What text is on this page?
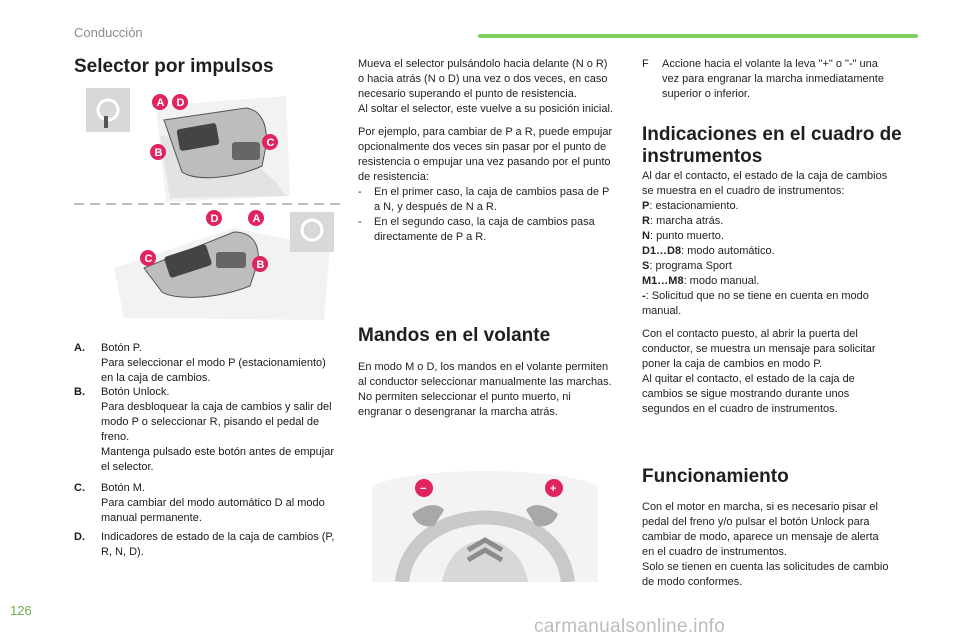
Conducción
Selector por impulsos
A D
B
C
D	A
C	B
A. Botón P.

Para seleccionar el modo P (estacionamiento) en la caja de cambios.

B. Botón Unlock.

Para desbloquear la caja de cambios y salir del modo P o seleccionar R, pisando el pedal de freno.

Mantenga pulsado este botón antes de empujar el selector.

C. Botón M.

Para cambiar del modo automático D al modo manual permanente.

D. Indicadores de estado de la caja de cambios (P, R, N, D).

Mueva el selector pulsándolo hacia delante (N o R) o hacia atrás (N o D) una vez o dos veces, en caso necesario superando el punto de resistencia.

Al soltar el selector, este vuelve a su posición inicial.

Por ejemplo, para cambiar de P a R, puede empujar opcionalmente dos veces sin pasar por el punto de resistencia o empujar una vez pasando por el punto de resistencia:

-	En el primer caso, la caja de cambios pasa de P a N, y después de N a R.
-	En el segundo caso, la caja de cambios pasa directamente de P a R.
Mandos en el volante

En modo M o D, los mandos en el volante permiten al conductor seleccionar manualmente las marchas.

No permiten seleccionar el punto muerto, ni engranar o desengranar la marcha atrás.

−	+
F	Accione hacia el volante la leva "+" o "-" una vez para engranar la marcha inmediatamente superior o inferior.
Indicaciones en el cuadro de instrumentos

Al dar el contacto, el estado de la caja de cambios se muestra en el cuadro de instrumentos:

P: estacionamiento.
R: marcha atrás.
N: punto muerto.
D1…D8: modo automático.
S: programa Sport
M1…M8: modo manual.
-: Solicitud que no se tiene en cuenta en modo manual.

Con el contacto puesto, al abrir la puerta del conductor, se muestra un mensaje para solicitar poner la caja de cambios en modo P.

Al quitar el contacto, el estado de la caja de cambios se sigue mostrando durante unos segundos en el cuadro de instrumentos.

Funcionamiento

Con el motor en marcha, si es necesario pisar el pedal del freno y/o pulsar el botón Unlock para cambiar de modo, aparece un mensaje de alerta en el cuadro de instrumentos.

Solo se tienen en cuenta las solicitudes de cambio de modo conformes.

126
carmanualsonline.info
